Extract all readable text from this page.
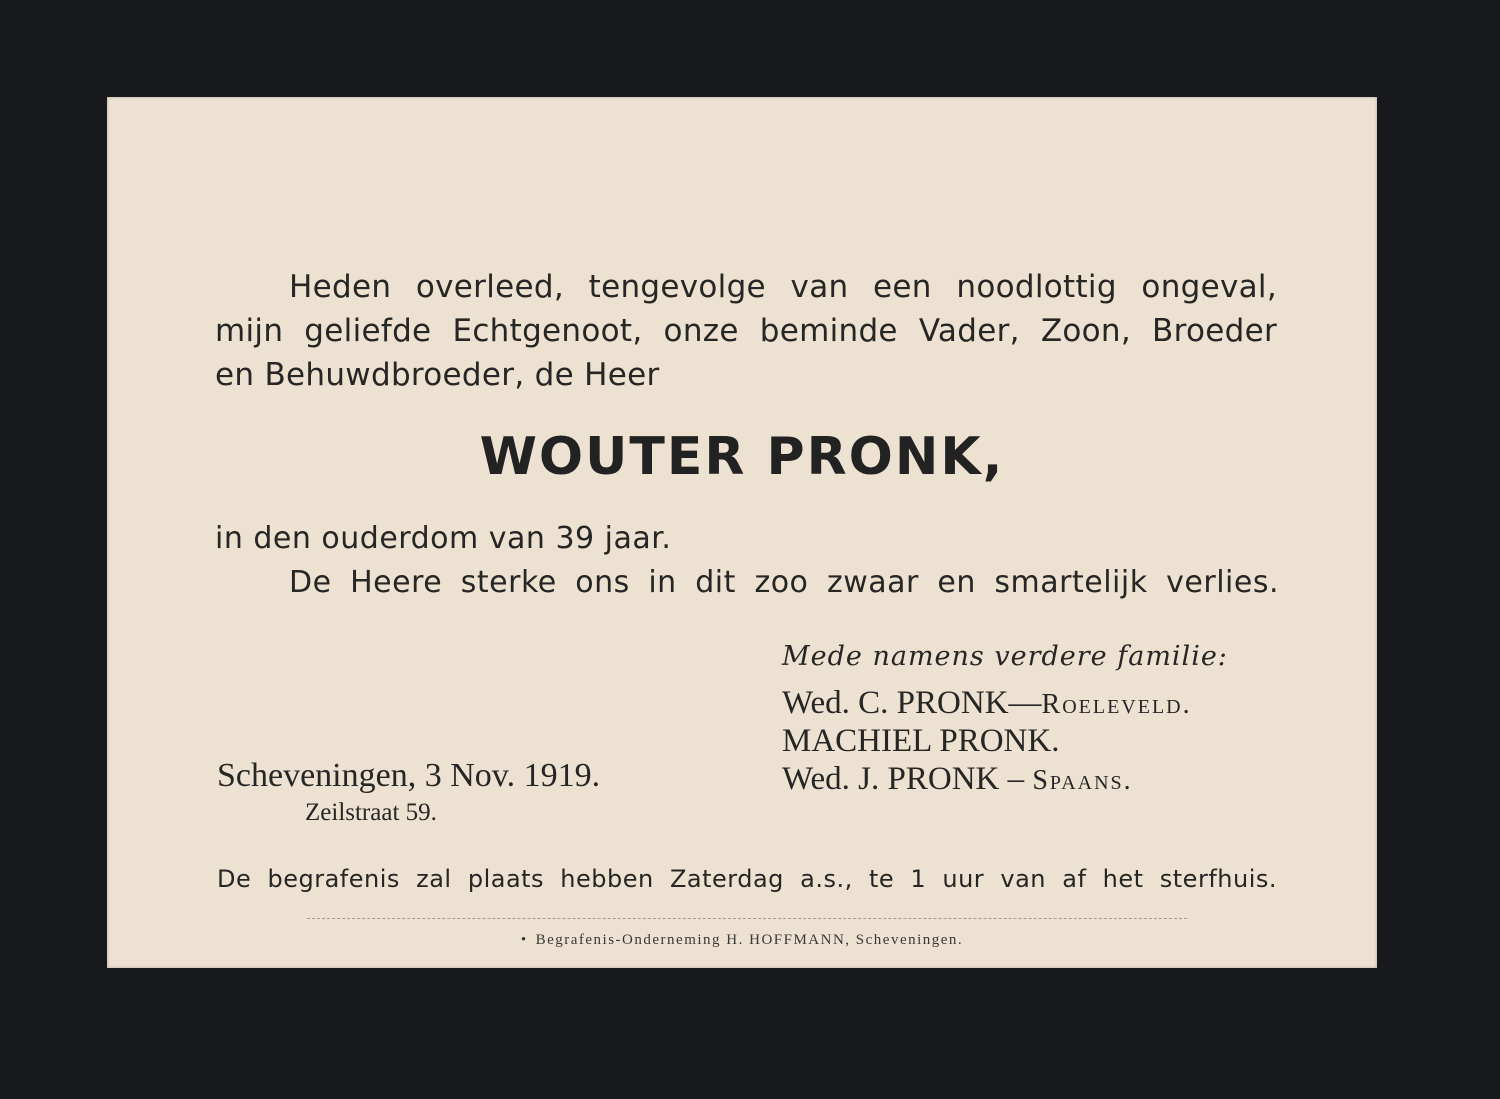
Heden overleed, tengevolge van een noodlottig ongeval,
mijn geliefde Echtgenoot, onze beminde Vader, Zoon, Broeder
en Behuwdbroeder, de Heer
WOUTER PRONK,
in den ouderdom van 39 jaar.
De Heere sterke ons in dit zoo zwaar en smartelijk verlies.
Mede namens verdere familie:
Wed. C. PRONK—Roeleveld.
MACHIEL PRONK.
Wed. J. PRONK – Spaans.
Scheveningen, 3 Nov. 1919.
Zeilstraat 59.
De begrafenis zal plaats hebben Zaterdag a.s., te 1 uur van af het sterfhuis.
• Begrafenis-Onderneming H. HOFFMANN, Scheveningen.
